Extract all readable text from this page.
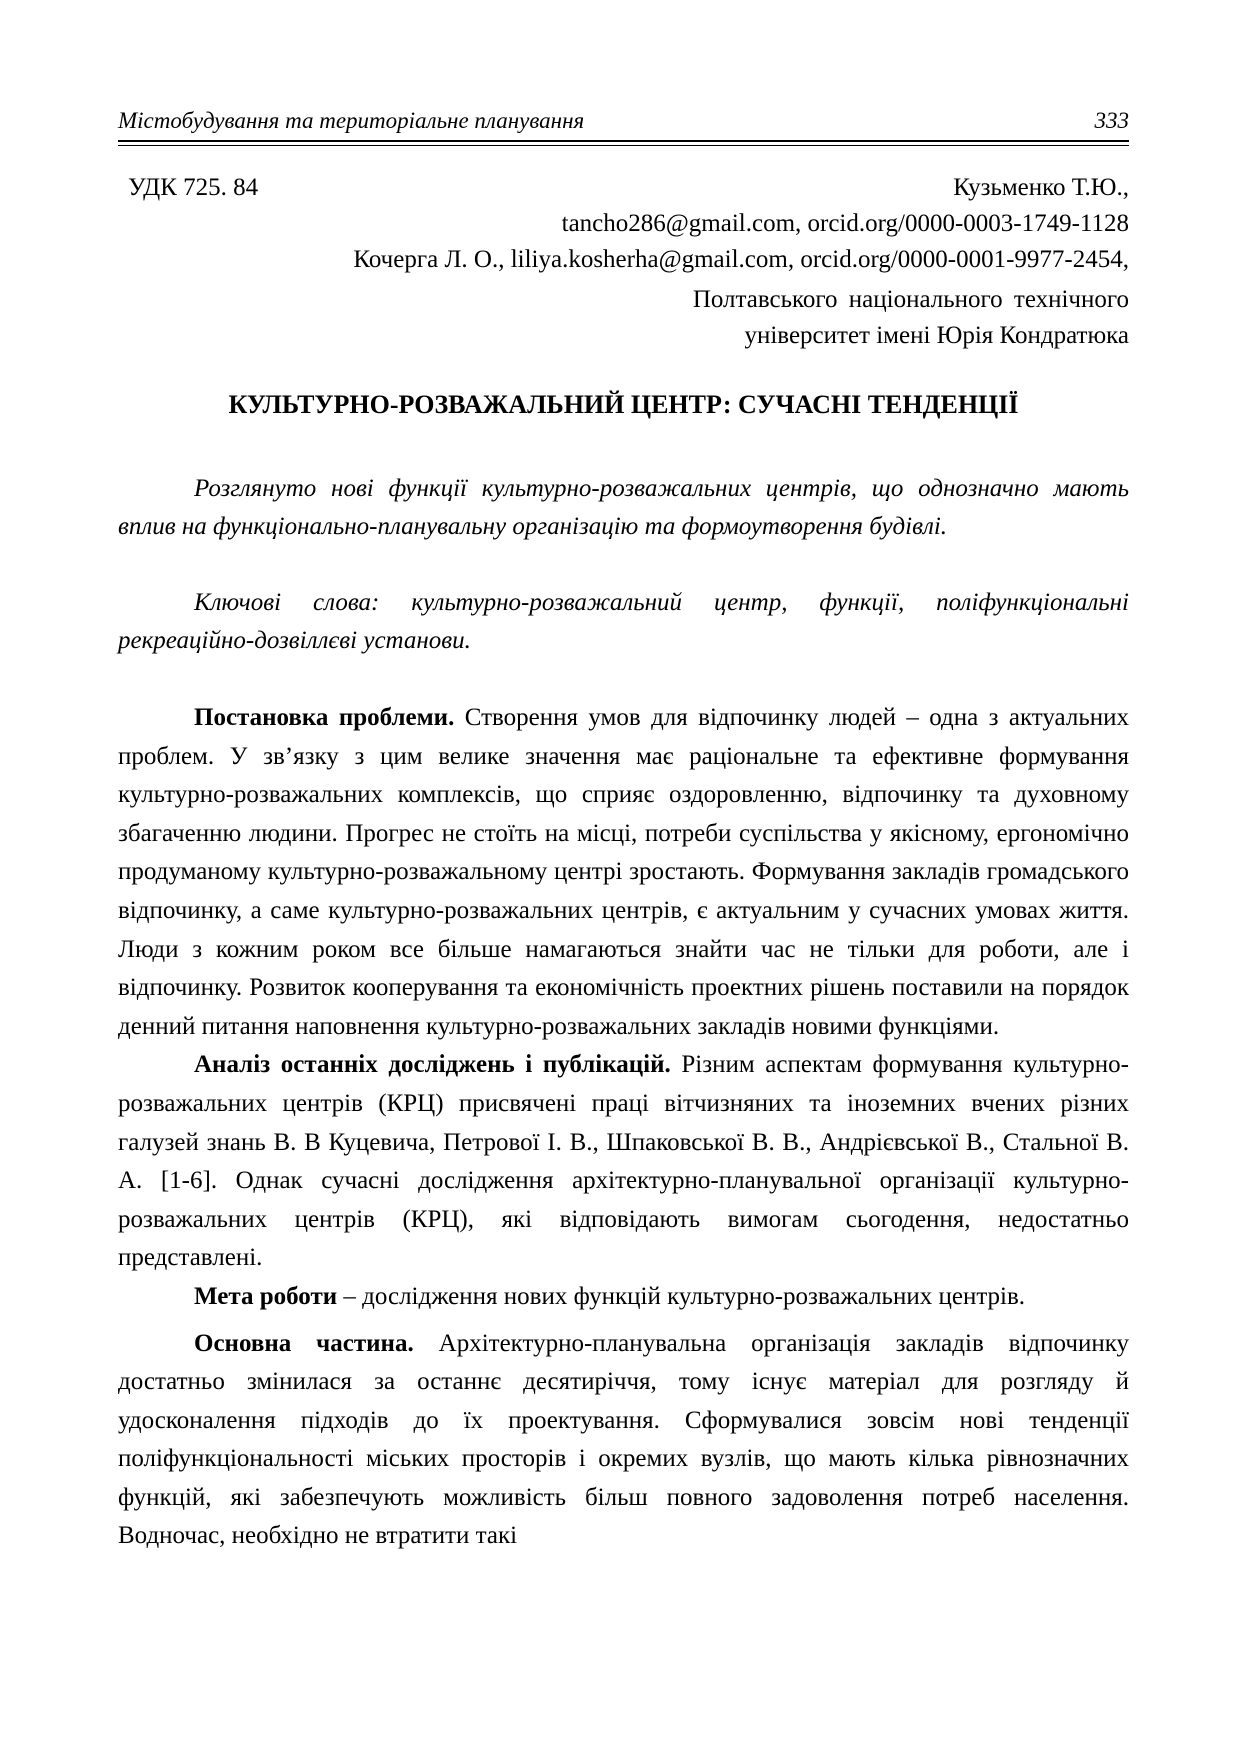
Містобудування та територіальне планування	333
УДК 725. 84	Кузьменко Т.Ю.,
tancho286@gmail.com, orcid.org/0000-0003-1749-1128
Кочерга Л. О., liliya.kosherha@gmail.com, orcid.org/0000-0001-9977-2454,
Полтавського національного технічного
університет імені Юрія Кондратюка
КУЛЬТУРНО-РОЗВАЖАЛЬНИЙ ЦЕНТР: СУЧАСНІ ТЕНДЕНЦІЇ

Розглянуто нові функції культурно-розважальних центрів, що однозначно мають вплив на функціонально-планувальну організацію та формоутворення будівлі.

Ключові слова: культурно-розважальний центр, функції, поліфункціональні рекреаційно-дозвіллєві установи.

Постановка проблеми. Створення умов для відпочинку людей – одна з актуальних проблем. У зв’язку з цим велике значення має раціональне та ефективне формування культурно-розважальних комплексів, що сприяє оздоровленню, відпочинку та духовному збагаченню людини. Прогрес не стоїть на місці, потреби суспільства у якісному, ергономічно продуманому культурно-розважальному центрі зростають. Формування закладів громадського відпочинку, а саме культурно-розважальних центрів, є актуальним у сучасних умовах життя. Люди з кожним роком все більше намагаються знайти час не тільки для роботи, але і відпочинку. Розвиток кооперування та економічність проектних рішень поставили на порядок денний питання наповнення культурно-розважальних закладів новими функціями.

Аналіз останніх досліджень і публікацій. Різним аспектам формування культурно-розважальних центрів (КРЦ) присвячені праці вітчизняних та іноземних вчених різних галузей знань В. В Куцевича, Петрової І. В., Шпаковської В. В., Андрієвської В., Стальної В. А. [1-6]. Однак сучасні дослідження архітектурно-планувальної організації культурно-розважальних центрів (КРЦ), які відповідають вимогам сьогодення, недостатньо представлені.

Мета роботи – дослідження нових функцій культурно-розважальних центрів.

Основна частина. Архітектурно-планувальна організація закладів відпочинку достатньо змінилася за останнє десятиріччя, тому існує матеріал для розгляду й удосконалення підходів до їх проектування. Сформувалися зовсім нові тенденції поліфункціональності міських просторів і окремих вузлів, що мають кілька рівнозначних функцій, які забезпечують можливість більш повного задоволення потреб населення. Водночас, необхідно не втратити такі
